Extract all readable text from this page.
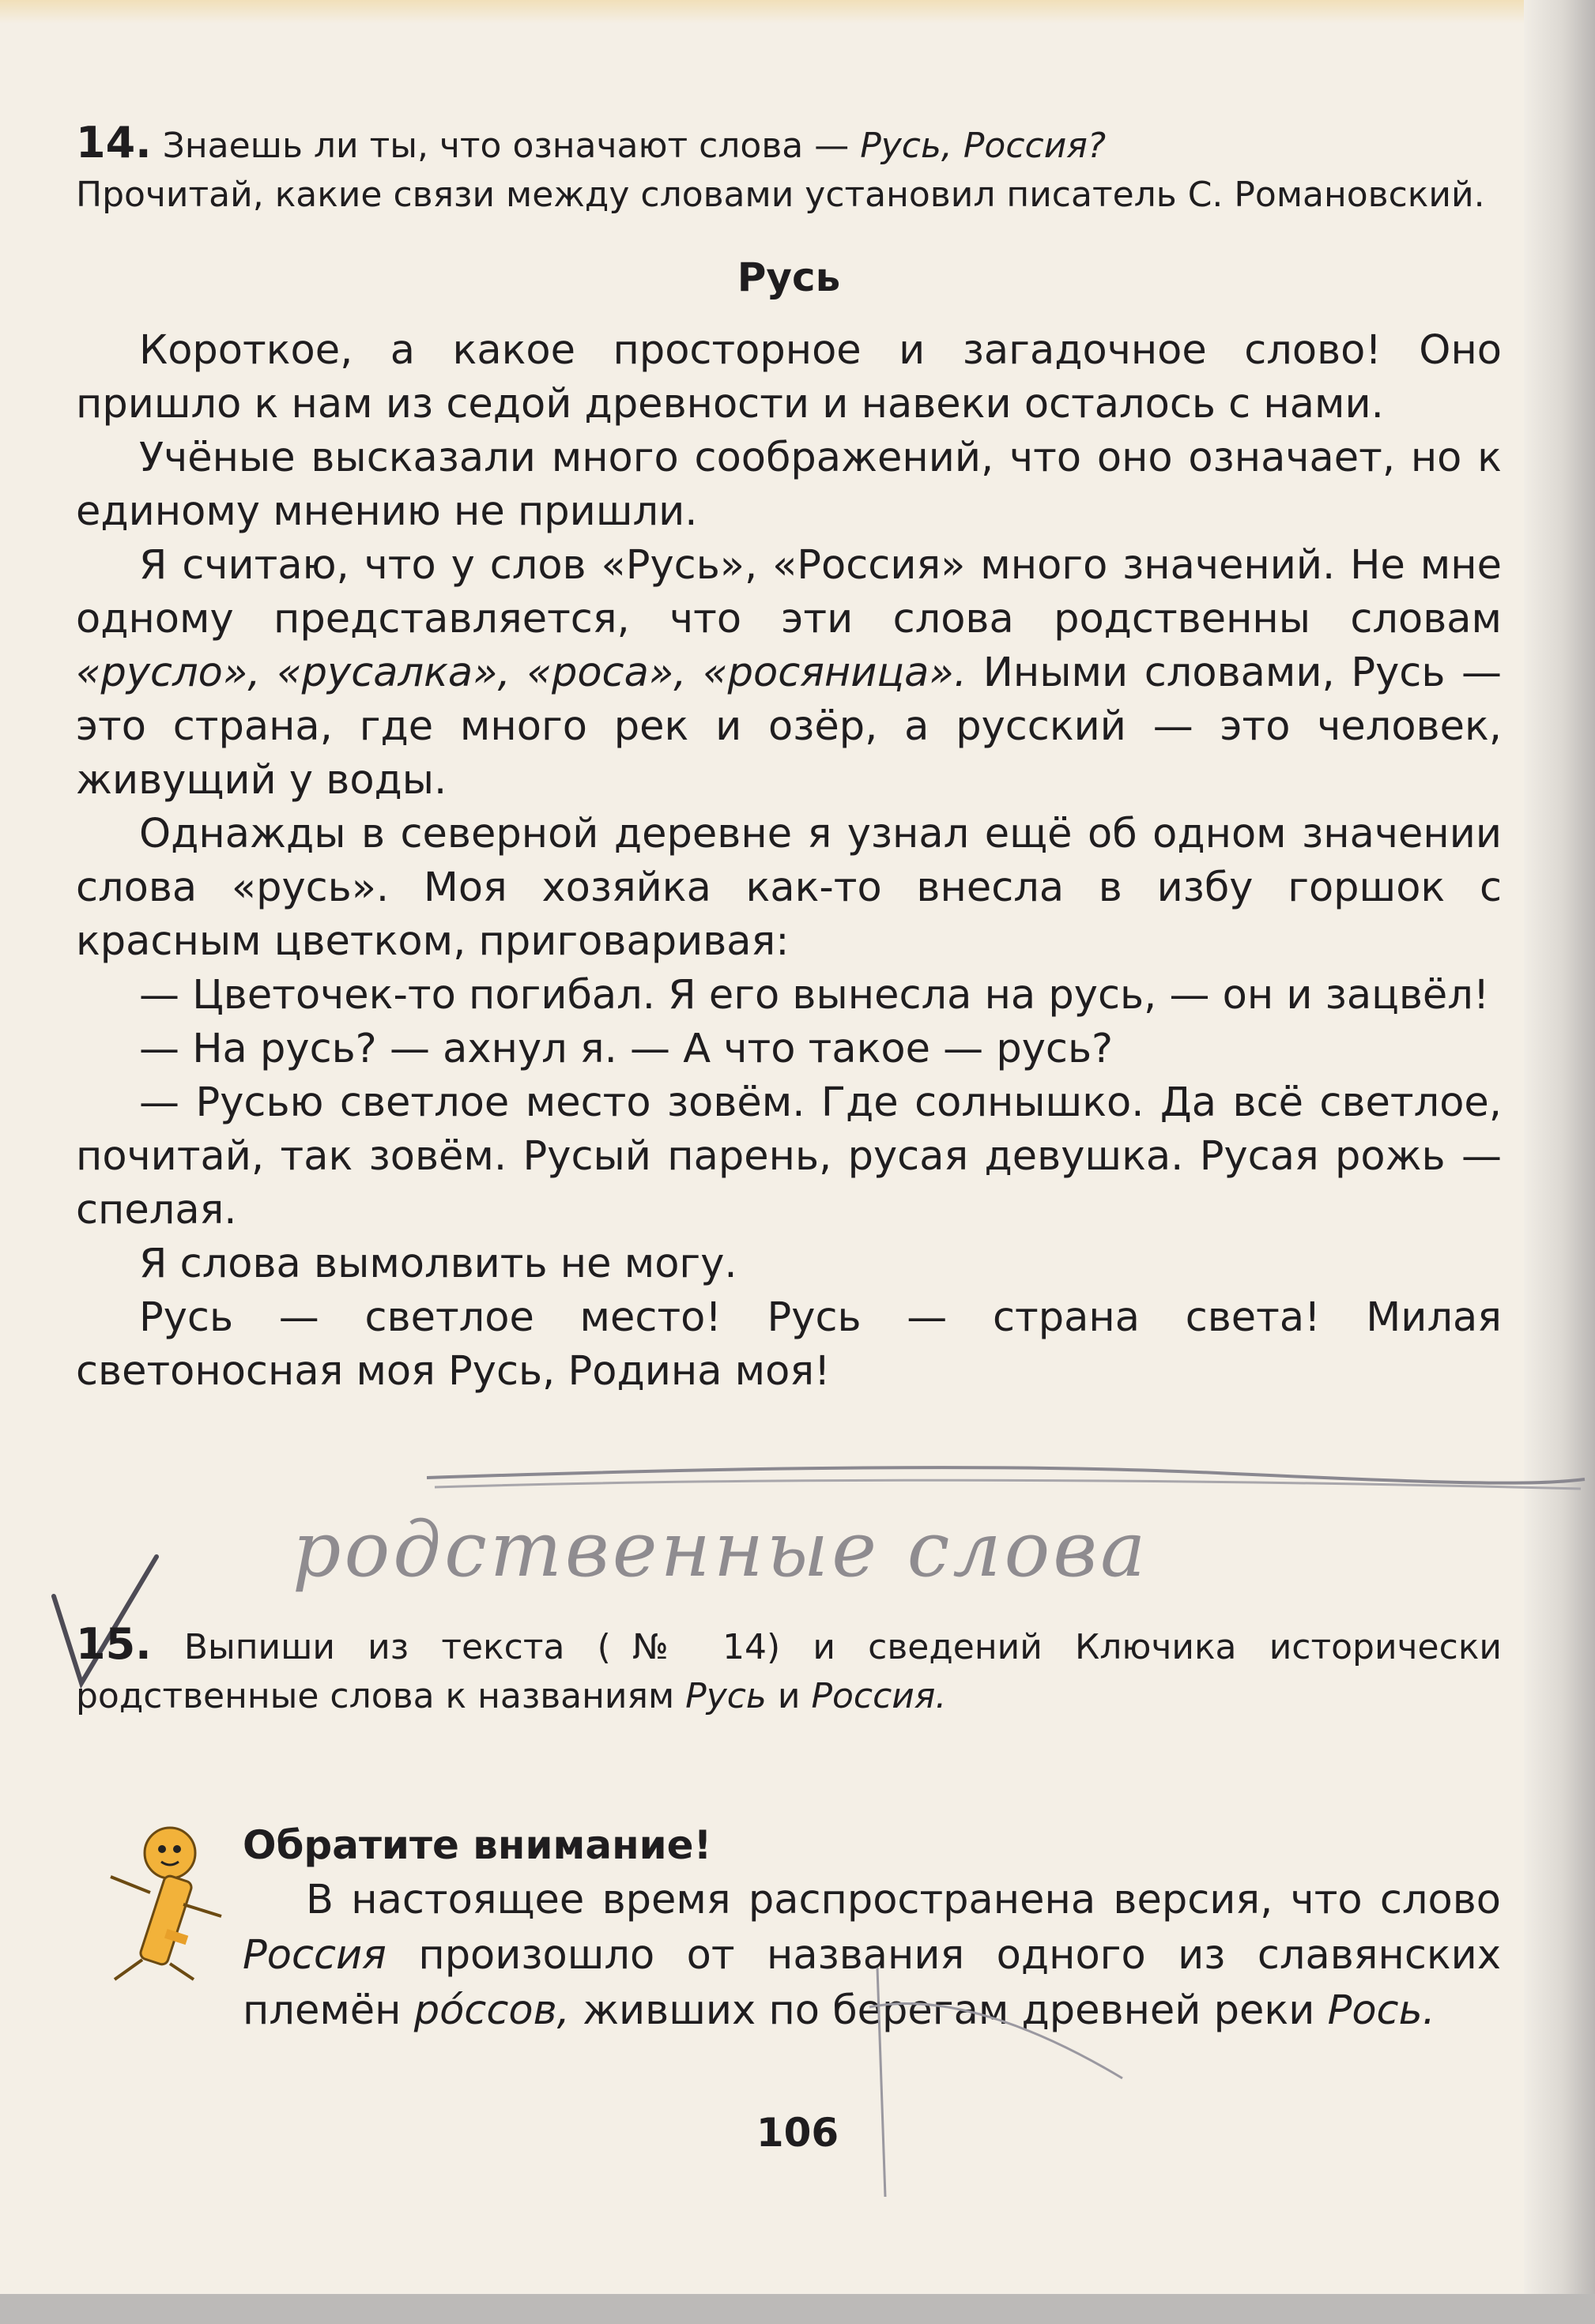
14. Знаешь ли ты, что означают слова — Русь, Россия?
Прочитай, какие связи между словами установил писатель С. Романовский.
Русь

Короткое, а какое просторное и загадочное слово! Оно пришло к нам из седой древности и навеки осталось с нами.

Учёные высказали много соображений, что оно означает, но к единому мнению не пришли.

Я считаю, что у слов «Русь», «Россия» много значений. Не мне одному представляется, что эти слова родственны словам «русло», «русалка», «роса», «росяница». Иными словами, Русь — это страна, где много рек и озёр, а русский — это человек, живущий у воды.

Однажды в северной деревне я узнал ещё об одном значении слова «русь». Моя хозяйка как-то внесла в избу горшок с красным цветком, приговаривая:

— Цветочек-то погибал. Я его вынесла на русь, — он и зацвёл!

— На русь? — ахнул я. — А что такое — русь?

— Русью светлое место зовём. Где солнышко. Да всё светлое, почитай, так зовём. Русый парень, русая девушка. Русая рожь — спелая.

Я слова вымолвить не могу.

Русь — светлое место! Русь — страна света! Милая светоносная моя Русь, Родина моя!

родственные слова
15. Выпиши из текста (№ 14) и сведений Ключика исторически родственные слова к названиям Русь и Россия.
Обратите внимание!

В настоящее время распространена версия, что слово Россия произошло от названия одного из славянских племён рóссов, живших по берегам древней реки Рось.

106
